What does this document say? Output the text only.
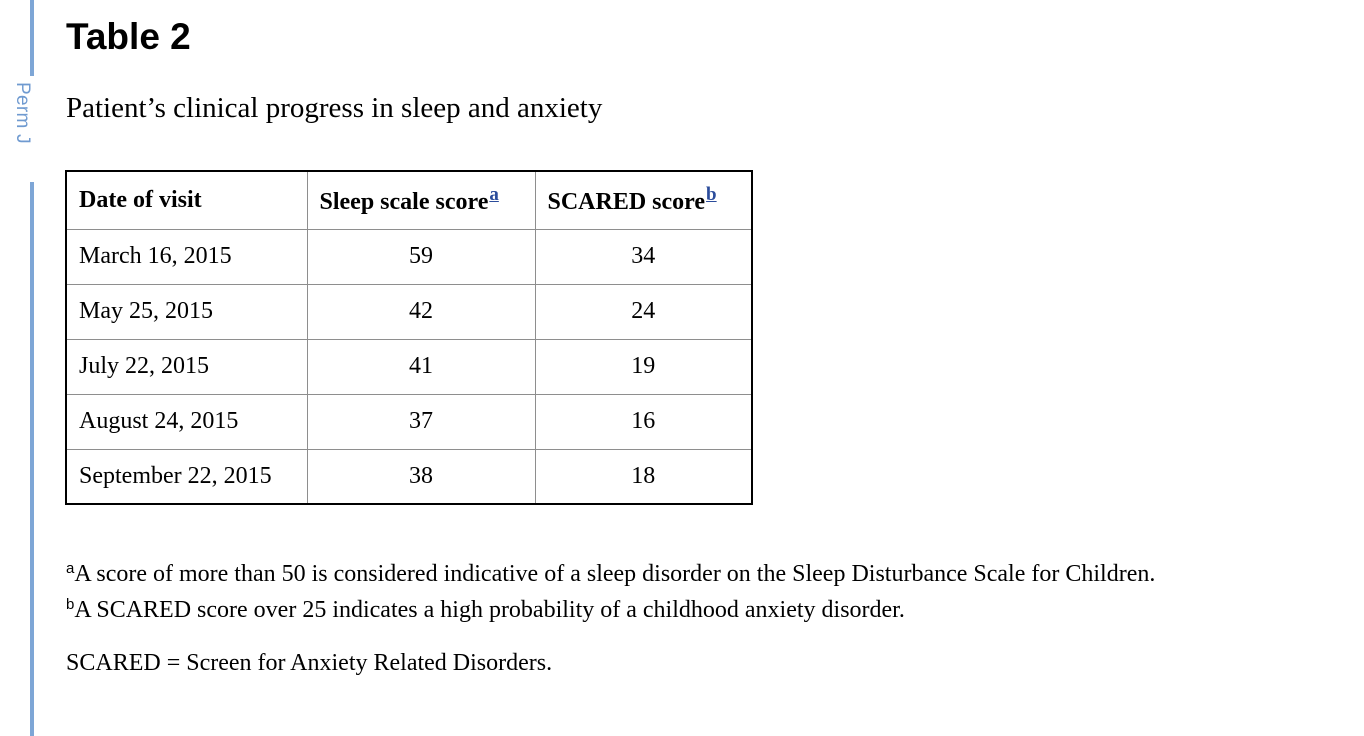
Perm J
Table 2

Patient’s clinical progress in sleep and anxiety

Date of visit	Sleep scale score$^a$	SCARED score$^b$
March 16, 2015	59	34
May 25, 2015	42	24
July 22, 2015	41	19
August 24, 2015	37	16
September 22, 2015	38	18

$^a$A score of more than 50 is considered indicative of a sleep disorder on the Sleep Disturbance Scale for Children.

$^b$A SCARED score over 25 indicates a high probability of a childhood anxiety disorder.

SCARED = Screen for Anxiety Related Disorders.
